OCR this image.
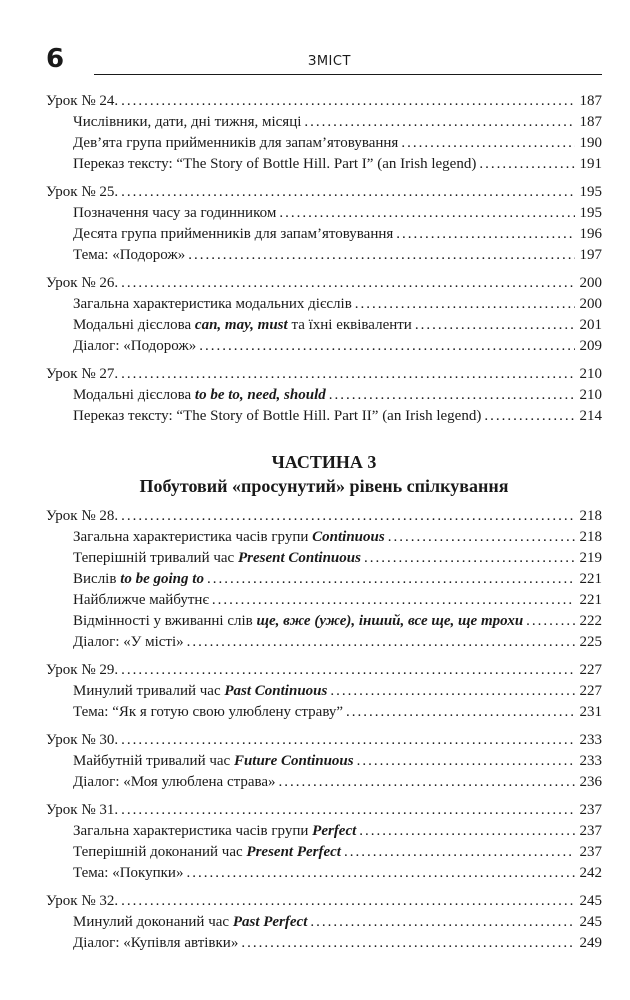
6	ЗМІСТ
Урок № 24. .....	187
Числівники, дати, дні тижня, місяці .....	187
Дев’ята група прийменників для запам’ятовування .....	190
Переказ тексту: “The Story of Bottle Hill. Part I” (an Irish legend) .....	191
Урок № 25. .....	195
Позначення часу за годинником .....	195
Десята група прийменників для запам’ятовування .....	196
Тема: «Подорож» .....	197
Урок № 26. .....	200
Загальна характеристика модальних дієслів .....	200
Модальні дієслова can, may, must та їхні еквіваленти .....	201
Діалог: «Подорож» .....	209
Урок № 27. .....	210
Модальні дієслова to be to, need, should .....	210
Переказ тексту: “The Story of Bottle Hill. Part II” (an Irish legend) .....	214
ЧАСТИНА 3
Побутовий «просунутий» рівень спілкування
Урок № 28. .....	218
Загальна характеристика часів групи Continuous .....	218
Теперішній тривалий час Present Continuous .....	219
Вислів to be going to .....	221
Найближче майбутнє .....	221
Відмінності у вживанні слів ще, вже (уже), інший, все ще, ще трохи .....	222
Діалог: «У місті» .....	225
Урок № 29. .....	227
Минулий тривалий час Past Continuous .....	227
Тема: “Як я готую свою улюблену страву” .....	231
Урок № 30. .....	233
Майбутній тривалий час Future Continuous .....	233
Діалог: «Моя улюблена страва» .....	236
Урок № 31. .....	237
Загальна характеристика часів групи Perfect .....	237
Теперішній доконаний час Present Perfect .....	237
Тема: «Покупки» .....	242
Урок № 32. .....	245
Минулий доконаний час Past Perfect .....	245
Діалог: «Купівля автівки» .....	249
